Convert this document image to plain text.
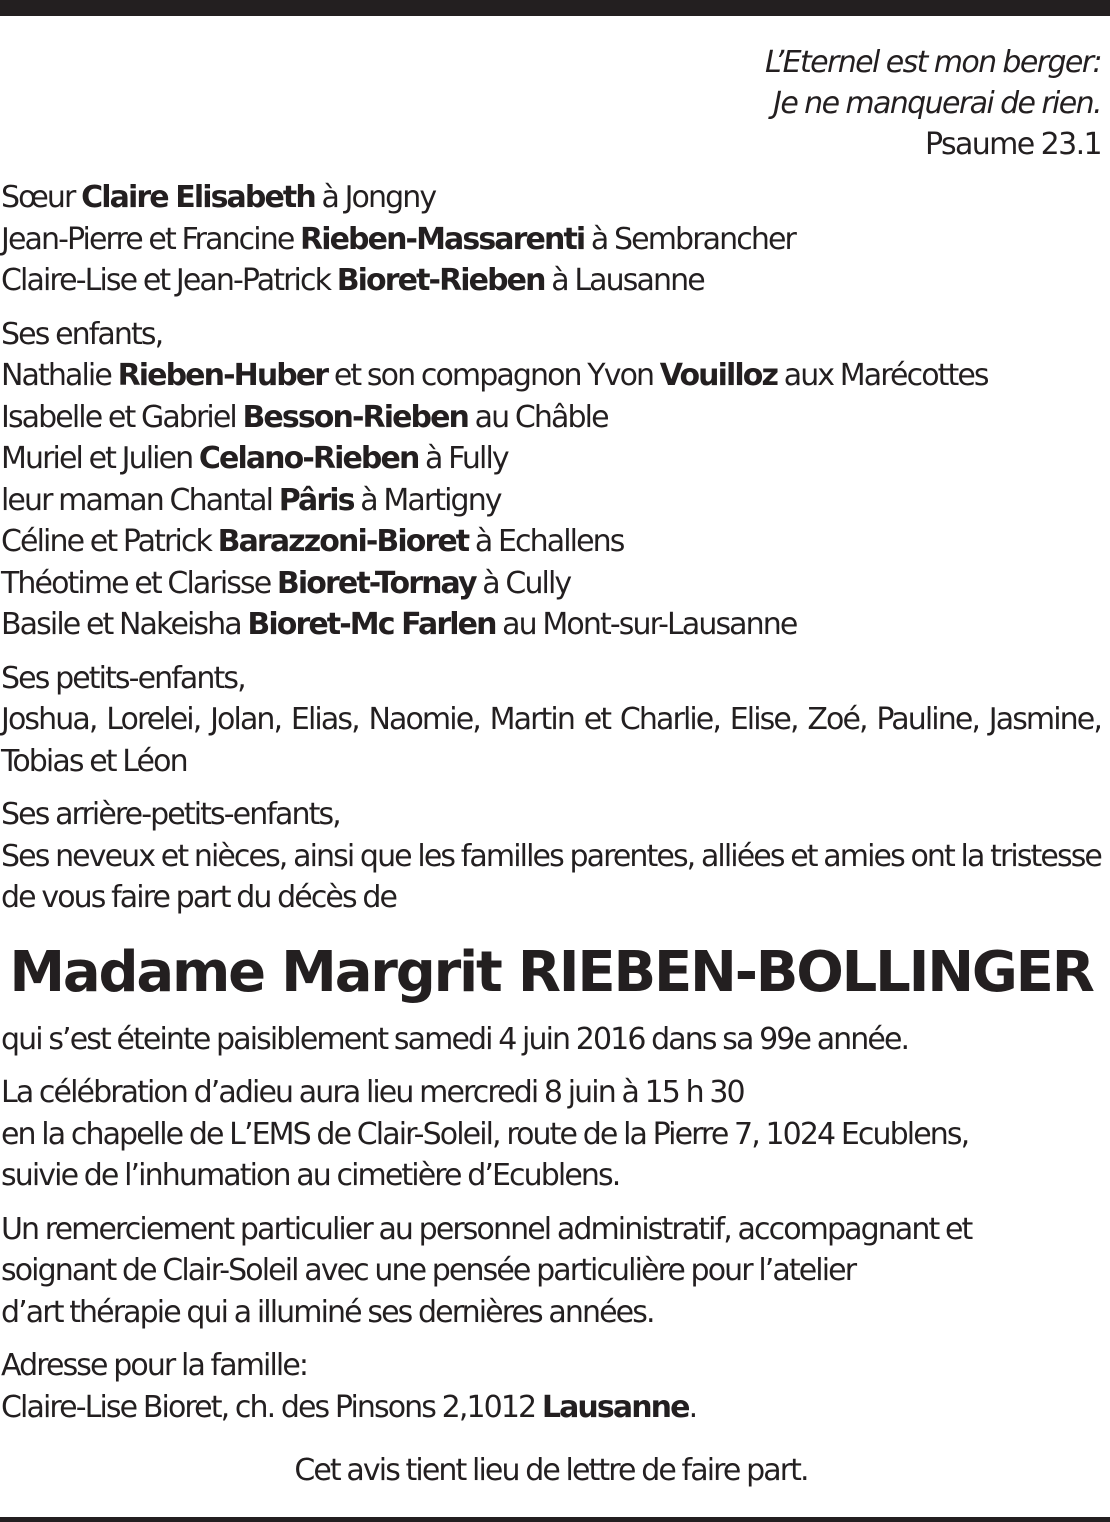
L’Eternel est mon berger:
Je ne manquerai de rien.
Psaume 23.1
Sœur Claire Elisabeth à Jongny
Jean-Pierre et Francine Rieben-Massarenti à Sembrancher
Claire-Lise et Jean-Patrick Bioret-Rieben à Lausanne
Ses enfants,
Nathalie Rieben-Huber et son compagnon Yvon Vouilloz aux Marécottes
Isabelle et Gabriel Besson-Rieben au Châble
Muriel et Julien Celano-Rieben à Fully
leur maman Chantal Pâris à Martigny
Céline et Patrick Barazzoni-Bioret à Echallens
Théotime et Clarisse Bioret-Tornay à Cully
Basile et Nakeisha Bioret-Mc Farlen au Mont-sur-Lausanne
Ses petits-enfants,
Joshua, Lorelei, Jolan, Elias, Naomie, Martin et Charlie, Elise, Zoé, Pauline, Jasmine, Tobias et Léon
Ses arrière-petits-enfants,
Ses neveux et nièces, ainsi que les familles parentes, alliées et amies ont la tristesse de vous faire part du décès de
Madame Margrit RIEBEN-BOLLINGER
qui s’est éteinte paisiblement samedi 4 juin 2016 dans sa 99e année.
La célébration d’adieu aura lieu mercredi 8 juin à 15 h 30
en la chapelle de L’EMS de Clair-Soleil, route de la Pierre 7, 1024 Ecublens,
suivie de l’inhumation au cimetière d’Ecublens.
Un remerciement particulier au personnel administratif, accompagnant et
soignant de Clair-Soleil avec une pensée particulière pour l’atelier
d’art thérapie qui a illuminé ses dernières années.
Adresse pour la famille:
Claire-Lise Bioret, ch. des Pinsons 2,1012 Lausanne.
Cet avis tient lieu de lettre de faire part.
